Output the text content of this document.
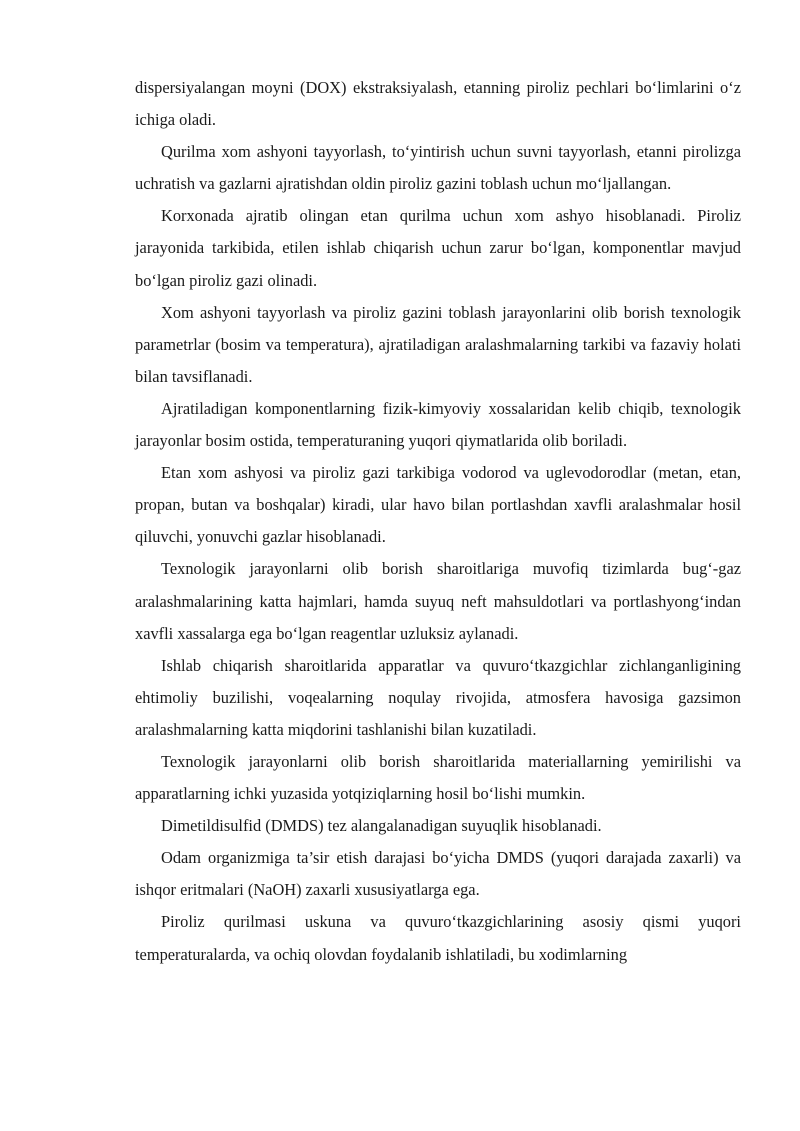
dispersiyalangan moyni (DOX) ekstraksiyalash, etanning piroliz pechlari bo‘limlarini o‘z ichiga oladi.

Qurilma xom ashyoni tayyorlash, to‘yintirish uchun suvni tayyorlash, etanni pirolizga uchratish va gazlarni ajratishdan oldin piroliz gazini toblash uchun mo‘ljallangan.

Korxonada ajratib olingan etan qurilma uchun xom ashyo hisoblanadi. Piroliz jarayonida tarkibida, etilen ishlab chiqarish uchun zarur bo‘lgan, komponentlar mavjud bo‘lgan piroliz gazi olinadi.

Xom ashyoni tayyorlash va piroliz gazini toblash jarayonlarini olib borish texnologik parametrlar (bosim va temperatura), ajratiladigan aralashmalarning tarkibi va fazaviy holati bilan tavsiflanadi.

Ajratiladigan komponentlarning fizik-kimyoviy xossalaridan kelib chiqib, texnologik jarayonlar bosim ostida, temperaturaning yuqori qiymatlarida olib boriladi.

Etan xom ashyosi va piroliz gazi tarkibiga vodorod va uglevodorodlar (metan, etan, propan, butan va boshqalar) kiradi, ular havo bilan portlashdan xavfli aralashmalar hosil qiluvchi, yonuvchi gazlar hisoblanadi.

Texnologik jarayonlarni olib borish sharoitlariga muvofiq tizimlarda bug‘-gaz aralashmalarining katta hajmlari, hamda suyuq neft mahsuldotlari va portlashyong‘indan xavfli xassalarga ega bo‘lgan reagentlar uzluksiz aylanadi.

Ishlab chiqarish sharoitlarida apparatlar va quvuro‘tkazgichlar zichlanganligining ehtimoliy buzilishi, voqealarning noqulay rivojida, atmosfera havosiga gazsimon aralashmalarning katta miqdorini tashlanishi bilan kuzatiladi.

Texnologik jarayonlarni olib borish sharoitlarida materiallarning yemirilishi va apparatlarning ichki yuzasida yotqiziqlarning hosil bo‘lishi mumkin.

Dimetildisulfid (DMDS) tez alangalanadigan suyuqlik hisoblanadi.

Odam organizmiga ta’sir etish darajasi bo‘yicha DMDS (yuqori darajada zaxarli) va ishqor eritmalari (NaOH) zaxarli xususiyatlarga ega.

Piroliz qurilmasi uskuna va quvuro‘tkazgichlarining asosiy qismi yuqori temperaturalarda, va ochiq olovdan foydalanib ishlatiladi, bu xodimlarning
